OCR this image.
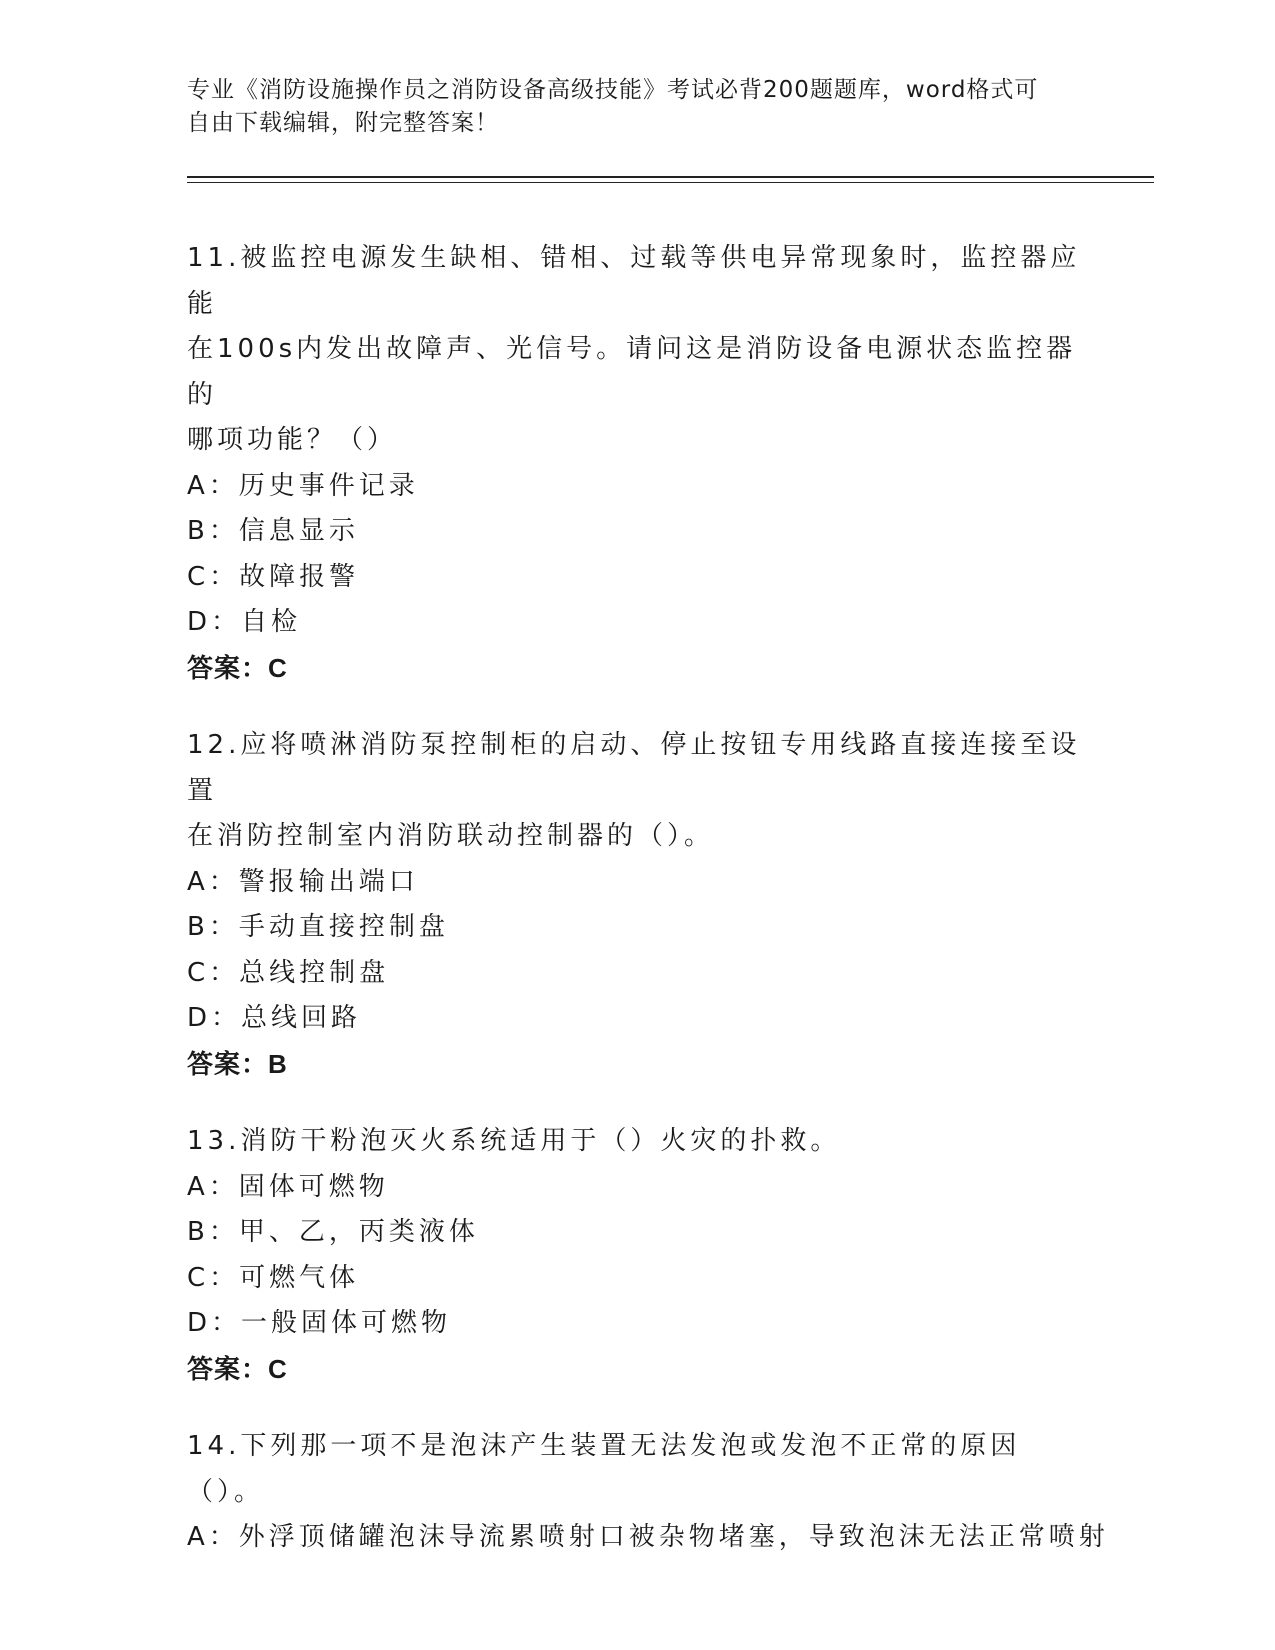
专业《消防设施操作员之消防设备高级技能》考试必背200题题库，word格式可
自由下载编辑，附完整答案！
11.被监控电源发生缺相、错相、过载等供电异常现象时，监控器应能
在100s内发出故障声、光信号。请问这是消防设备电源状态监控器的
哪项功能？（）
A：历史事件记录
B：信息显示
C：故障报警
D：自检
答案：C
12.应将喷淋消防泵控制柜的启动、停止按钮专用线路直接连接至设置
在消防控制室内消防联动控制器的（）。
A：警报输出端口
B：手动直接控制盘
C：总线控制盘
D：总线回路
答案：B
13.消防干粉泡灭火系统适用于（）火灾的扑救。
A：固体可燃物
B：甲、乙，丙类液体
C：可燃气体
D：一般固体可燃物
答案：C
14.下列那一项不是泡沫产生装置无法发泡或发泡不正常的原因（）。
A：外浮顶储罐泡沫导流累喷射口被杂物堵塞，导致泡沫无法正常喷射
